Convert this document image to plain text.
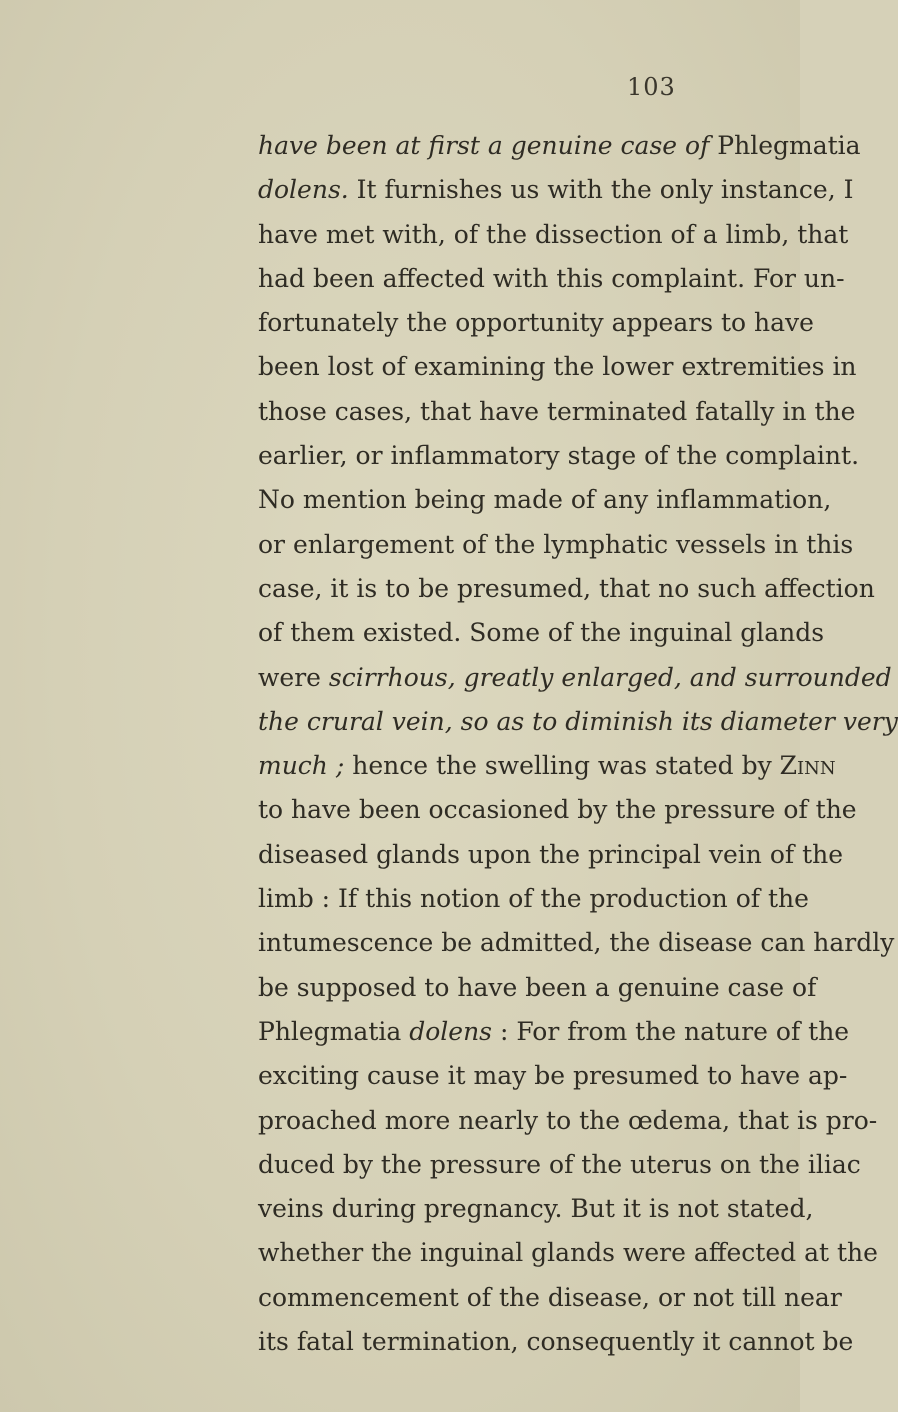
103
have been at first a genuine case of Phlegmatia
dolens. It furnishes us with the only instance, I
have met with, of the dissection of a limb, that
had been affected with this complaint. For un-
fortunately the opportunity appears to have
been lost of examining the lower extremities in
those cases, that have terminated fatally in the
earlier, or inflammatory stage of the complaint.
No mention being made of any inflammation,
or enlargement of the lymphatic vessels in this
case, it is to be presumed, that no such affection
of them existed. Some of the inguinal glands
were scirrhous, greatly enlarged, and surrounded
the crural vein, so as to diminish its diameter very
much ; hence the swelling was stated by Zinn
to have been occasioned by the pressure of the
diseased glands upon the principal vein of the
limb : If this notion of the production of the
intumescence be admitted, the disease can hardly
be supposed to have been a genuine case of
Phlegmatia dolens : For from the nature of the
exciting cause it may be presumed to have ap-
proached more nearly to the œdema, that is pro-
duced by the pressure of the uterus on the iliac
veins during pregnancy. But it is not stated,
whether the inguinal glands were affected at the
commencement of the disease, or not till near
its fatal termination, consequently it cannot be
